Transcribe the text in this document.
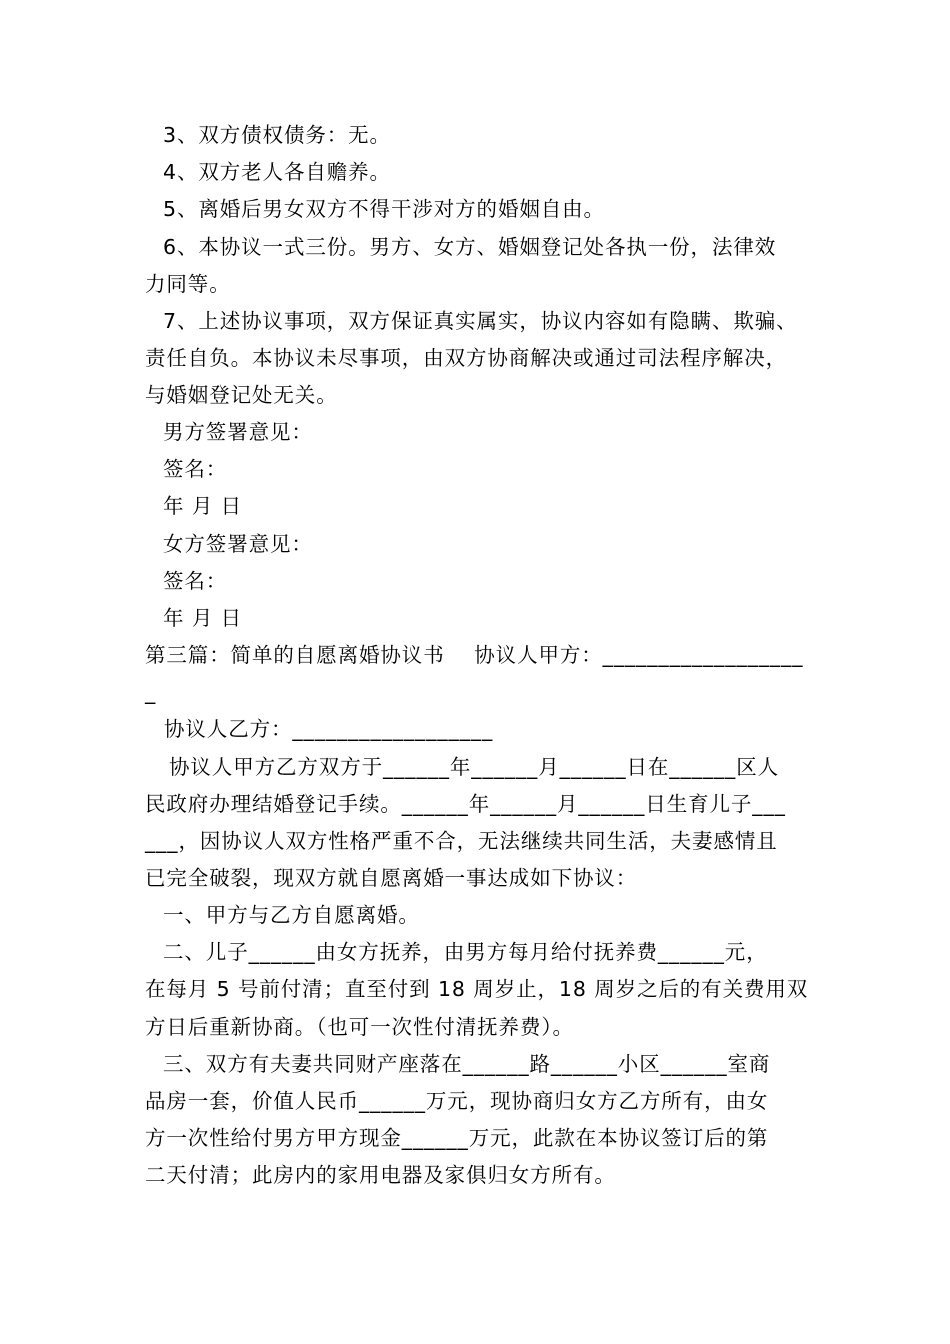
3、双方债权债务：无。
4、双方老人各自赡养。
5、离婚后男女双方不得干涉对方的婚姻自由。
6、本协议一式三份。男方、女方、婚姻登记处各执一份，法律效
力同等。
7、上述协议事项，双方保证真实属实，协议内容如有隐瞒、欺骗、
责任自负。本协议未尽事项，由双方协商解决或通过司法程序解决，
与婚姻登记处无关。
男方签署意见：
签名：
年 月 日
女方签署意见：
签名：
年 月 日
第三篇：简单的自愿离婚协议书    协议人甲方：__________________
_
协议人乙方：__________________
协议人甲方乙方双方于______年______月______日在______区人
民政府办理结婚登记手续。______年______月______日生育儿子___
___，因协议人双方性格严重不合，无法继续共同生活，夫妻感情且
已完全破裂，现双方就自愿离婚一事达成如下协议：
一、甲方与乙方自愿离婚。
二、儿子______由女方抚养，由男方每月给付抚养费______元，
在每月 5 号前付清；直至付到 18 周岁止，18 周岁之后的有关费用双
方日后重新协商。（也可一次性付清抚养费）。
三、双方有夫妻共同财产座落在______路______小区______室商
品房一套，价值人民币______万元，现协商归女方乙方所有，由女
方一次性给付男方甲方现金______万元，此款在本协议签订后的第
二天付清；此房内的家用电器及家俱归女方所有。
